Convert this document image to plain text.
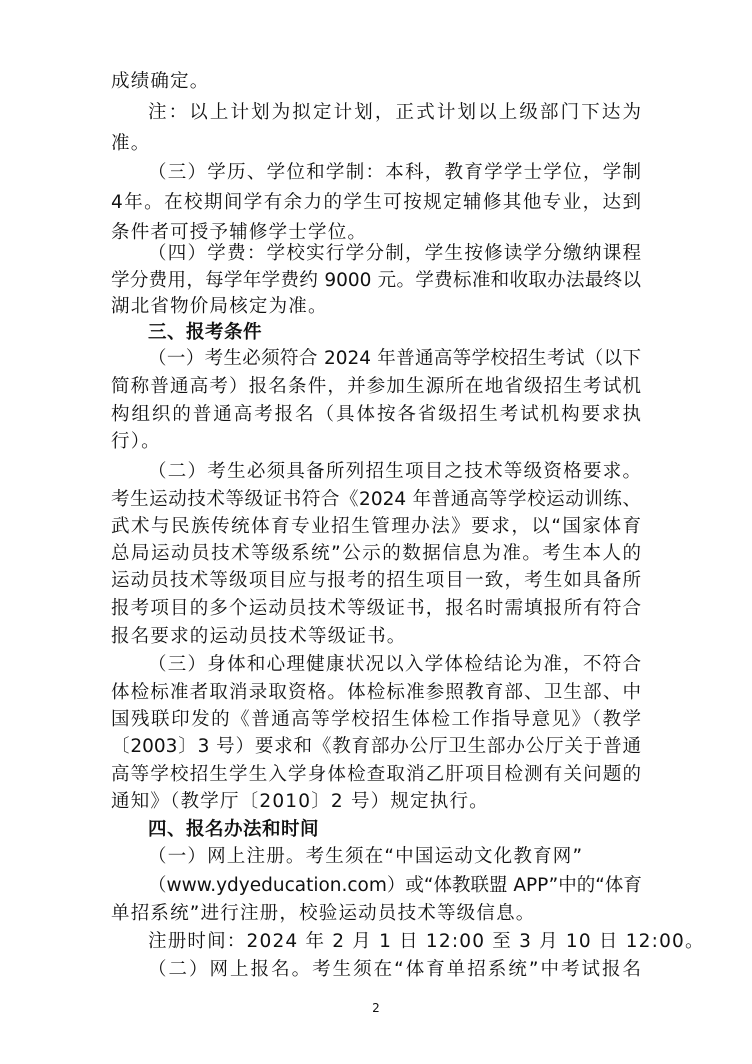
成绩确定。
注：以上计划为拟定计划，正式计划以上级部门下达为
准。
（三）学历、学位和学制：本科，教育学学士学位，学制
4年。在校期间学有余力的学生可按规定辅修其他专业，达到
条件者可授予辅修学士学位。
（四）学费：学校实行学分制，学生按修读学分缴纳课程
学分费用，每学年学费约 9000 元。学费标准和收取办法最终以
湖北省物价局核定为准。
三、报考条件
（一）考生必须符合 2024 年普通高等学校招生考试（以下
简称普通高考）报名条件，并参加生源所在地省级招生考试机
构组织的普通高考报名（具体按各省级招生考试机构要求执
行）。
（二）考生必须具备所列招生项目之技术等级资格要求。
考生运动技术等级证书符合《2024 年普通高等学校运动训练、
武术与民族传统体育专业招生管理办法》要求，以“国家体育
总局运动员技术等级系统”公示的数据信息为准。考生本人的
运动员技术等级项目应与报考的招生项目一致，考生如具备所
报考项目的多个运动员技术等级证书，报名时需填报所有符合
报名要求的运动员技术等级证书。
（三）身体和心理健康状况以入学体检结论为准，不符合
体检标准者取消录取资格。体检标准参照教育部、卫生部、中
国残联印发的《普通高等学校招生体检工作指导意见》（教学
〔2003〕3 号）要求和《教育部办公厅卫生部办公厅关于普通
高等学校招生学生入学身体检查取消乙肝项目检测有关问题的
通知》（教学厅〔2010〕2 号）规定执行。
四、报名办法和时间
（一）网上注册。考生须在“中国运动文化教育网”
（www.ydyeducation.com）或“体教联盟 APP”中的“体育
单招系统”进行注册，校验运动员技术等级信息。
注册时间：2024 年 2 月 1 日 12:00 至 3 月 10 日 12:00。
（二）网上报名。考生须在“体育单招系统”中考试报名
2
